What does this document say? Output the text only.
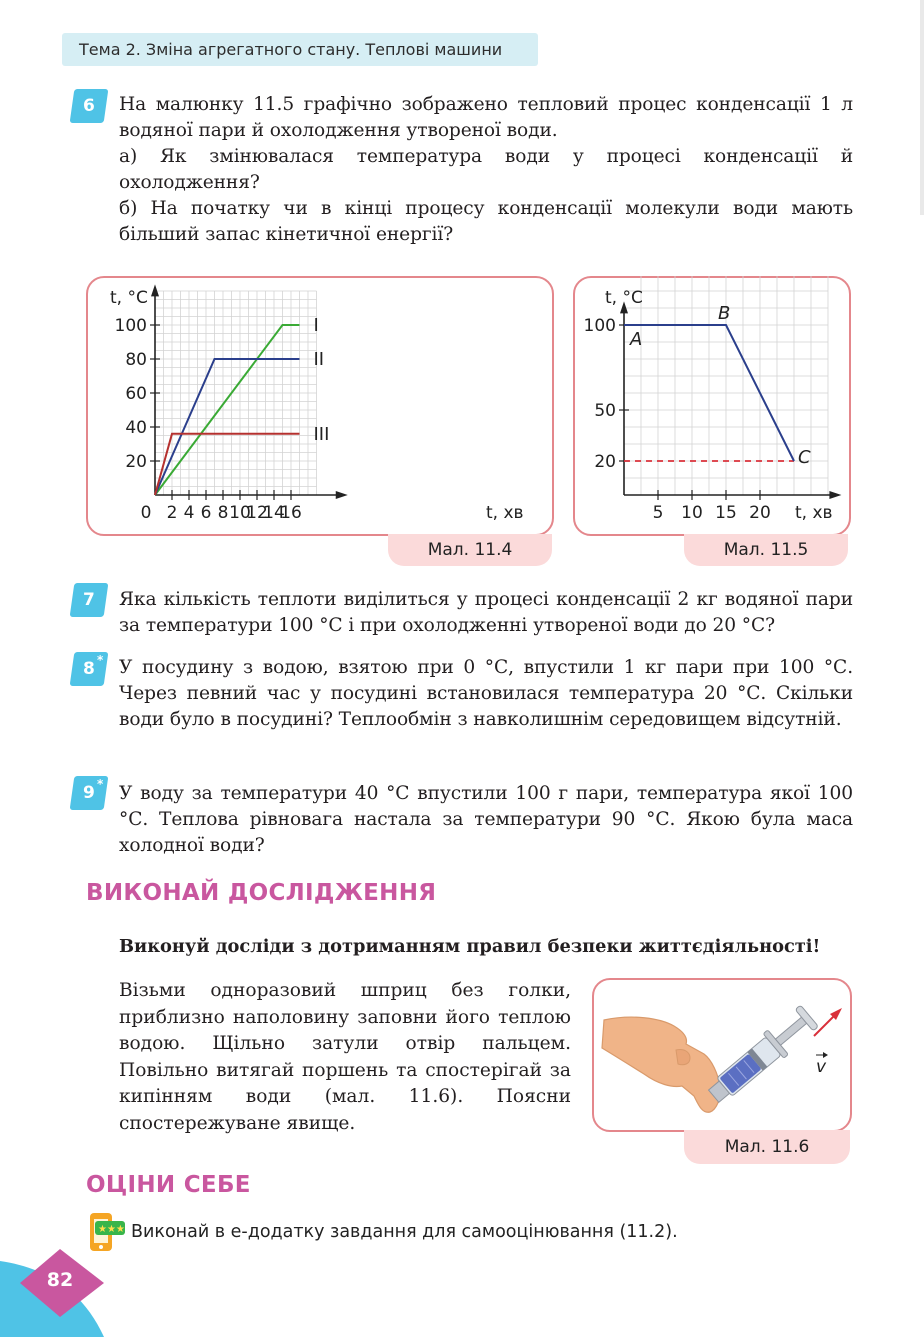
Тема 2. Зміна агрегатного стану. Теплові машини
6	На малюнку 11.5 графічно зображено тепловий процес конденсації 1 л водяної пари й охолодження утвореної води.

а) Як змінювалася температура води у процесі конденсації й охолодження?

б) На початку чи в кінці процесу конденсації молекули води мають більший запас кінетичної енергії?

0 2 4 6 8 10
12
14
16
20
40
60
80
100
t, °С
t, хв
I
II
III
Мал. 11.4
5 10 15 20
20
50
100
t, °С
t, хв
A
B
C
Мал. 11.5
7	Яка кількість теплоти виділиться у процесі конденсації 2 кг водяної пари за температури 100 °С і при охолодженні утвореної води до 20 °С?

8 * У посудину з водою, взятою при 0 °С, впустили 1 кг пари при 100 °С. Через певний час у посудині встановилася температура 20 °С. Скільки води було в посудині? Теплообмін з навколишнім середовищем відсутній.

9 * У воду за температури 40 °С впустили 100 г пари, температура якої 100 °С. Теплова рівновага настала за температури 90 °С. Якою була маса холодної води?

ВИКОНАЙ ДОСЛІДЖЕННЯ
Виконуй досліди з дотриманням правил безпеки життєдіяльності!
Візьми одноразовий шприц без голки, приблизно наполовину заповни його теплою водою. Щільно затули отвір пальцем. Повільно витягай поршень та спостерігай за кипінням води (мал. 11.6). Поясни спостережуване явище.
v
Мал. 11.6
ОЦІНИ СЕБЕ
★★★ Виконай в е-додатку завдання для самооцінювання (11.2).
82
